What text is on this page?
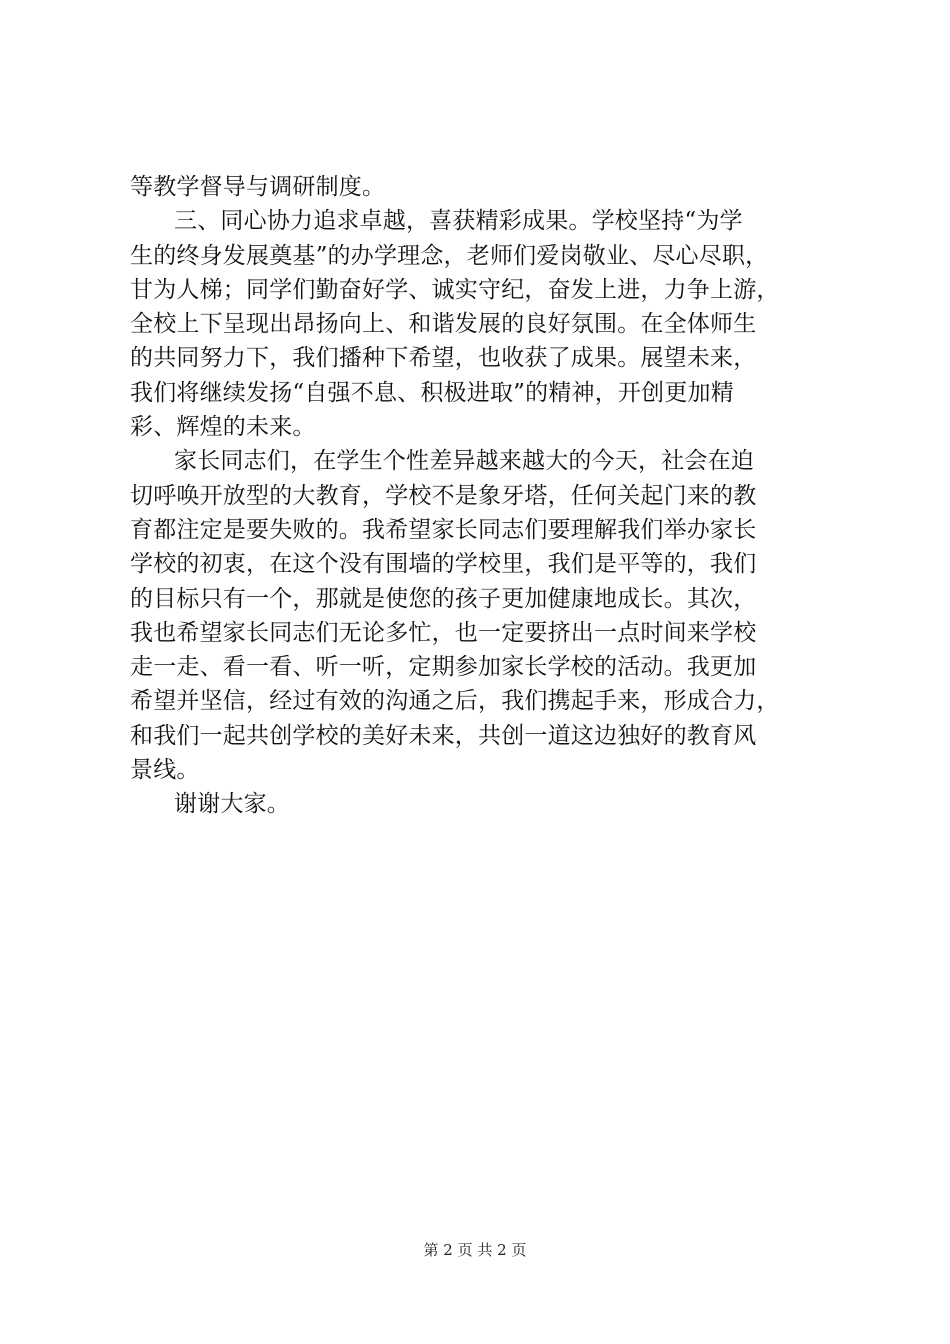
等教学督导与调研制度。
三、同心协力追求卓越，喜获精彩成果。学校坚持“为学
生的终身发展奠基”的办学理念，老师们爱岗敬业、尽心尽职，
甘为人梯；同学们勤奋好学、诚实守纪，奋发上进，力争上游，
全校上下呈现出昂扬向上、和谐发展的良好氛围。在全体师生
的共同努力下，我们播种下希望，也收获了成果。展望未来，
我们将继续发扬“自强不息、积极进取”的精神，开创更加精
彩、辉煌的未来。
家长同志们，在学生个性差异越来越大的今天，社会在迫
切呼唤开放型的大教育，学校不是象牙塔，任何关起门来的教
育都注定是要失败的。我希望家长同志们要理解我们举办家长
学校的初衷，在这个没有围墙的学校里，我们是平等的，我们
的目标只有一个，那就是使您的孩子更加健康地成长。其次，
我也希望家长同志们无论多忙，也一定要挤出一点时间来学校
走一走、看一看、听一听，定期参加家长学校的活动。我更加
希望并坚信，经过有效的沟通之后，我们携起手来，形成合力，
和我们一起共创学校的美好未来，共创一道这边独好的教育风
景线。
谢谢大家。
第 2 页 共 2 页
